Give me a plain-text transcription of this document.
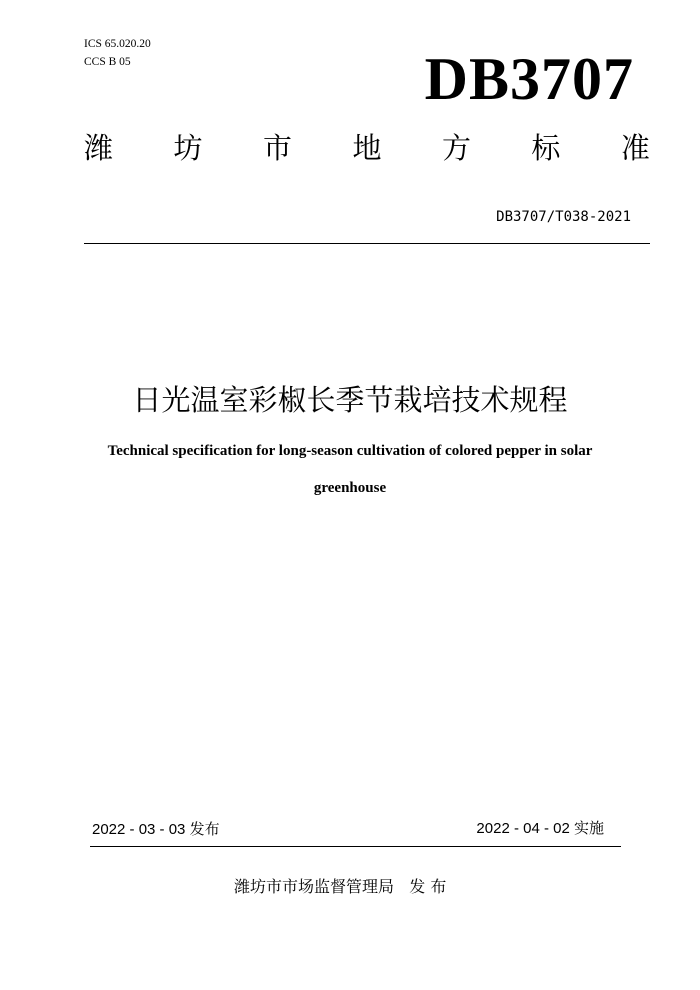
ICS 65.020.20
CCS B 05	DB3707
潍 坊 市 地 方 标 准
DB3707/T038-2021
日光温室彩椒长季节栽培技术规程
Technical specification for long-season cultivation of colored pepper in solar
greenhouse
2022 - 03 - 03 发布	2022 - 04 - 02 实施
潍坊市市场监督管理局   发 布
